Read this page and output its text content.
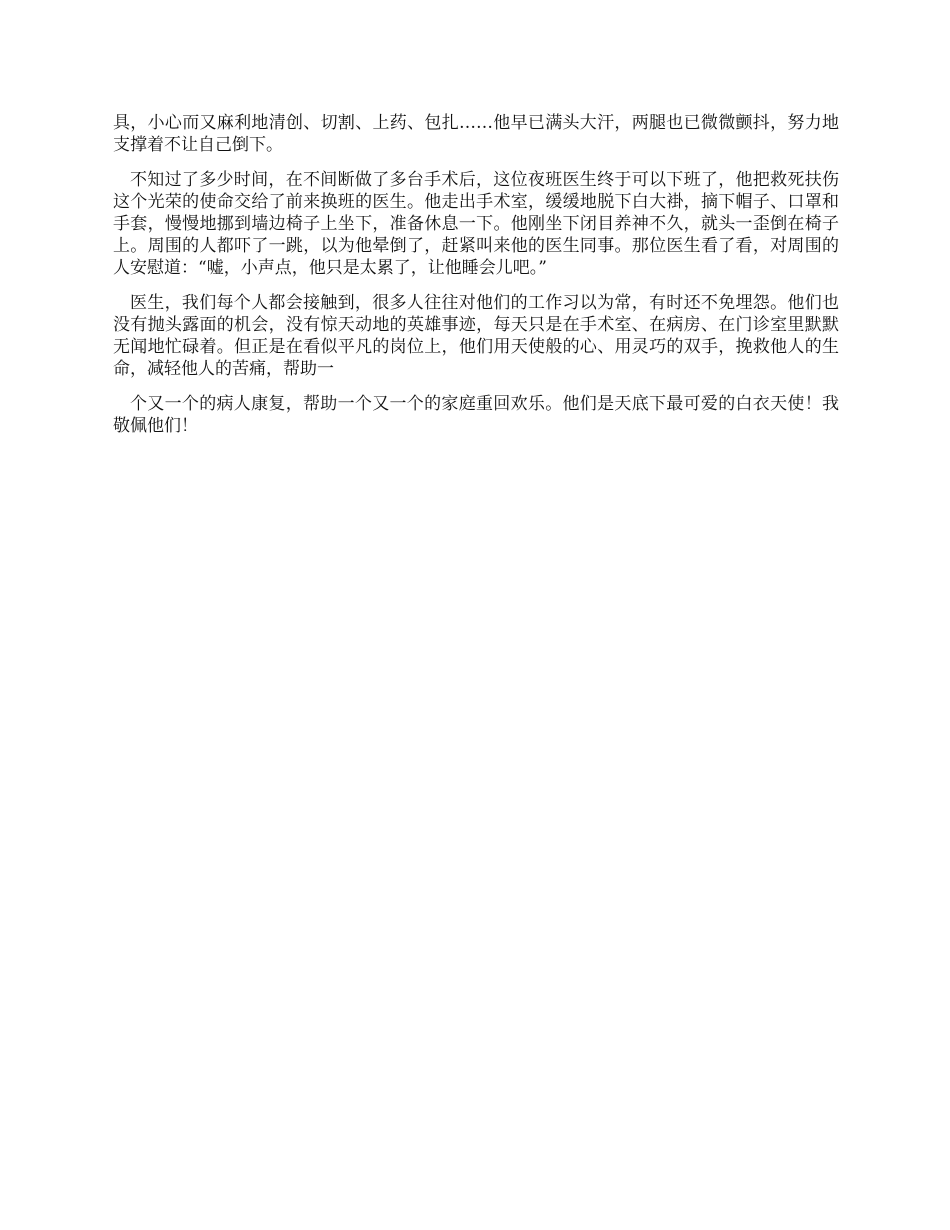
具，小心而又麻利地清创、切割、上药、包扎……他早已满头大汗，两腿也已微微颤抖，努力地支撑着不让自己倒下。

不知过了多少时间，在不间断做了多台手术后，这位夜班医生终于可以下班了，他把救死扶伤这个光荣的使命交给了前来换班的医生。他走出手术室，缓缓地脱下白大褂，摘下帽子、口罩和手套，慢慢地挪到墙边椅子上坐下，准备休息一下。他刚坐下闭目养神不久，就头一歪倒在椅子上。周围的人都吓了一跳，以为他晕倒了，赶紧叫来他的医生同事。那位医生看了看，对周围的人安慰道：“嘘，小声点，他只是太累了，让他睡会儿吧。”

医生，我们每个人都会接触到，很多人往往对他们的工作习以为常，有时还不免埋怨。他们也没有抛头露面的机会，没有惊天动地的英雄事迹，每天只是在手术室、在病房、在门诊室里默默无闻地忙碌着。但正是在看似平凡的岗位上，他们用天使般的心、用灵巧的双手，挽救他人的生命，减轻他人的苦痛，帮助一

个又一个的病人康复，帮助一个又一个的家庭重回欢乐。他们是天底下最可爱的白衣天使！我敬佩他们！
